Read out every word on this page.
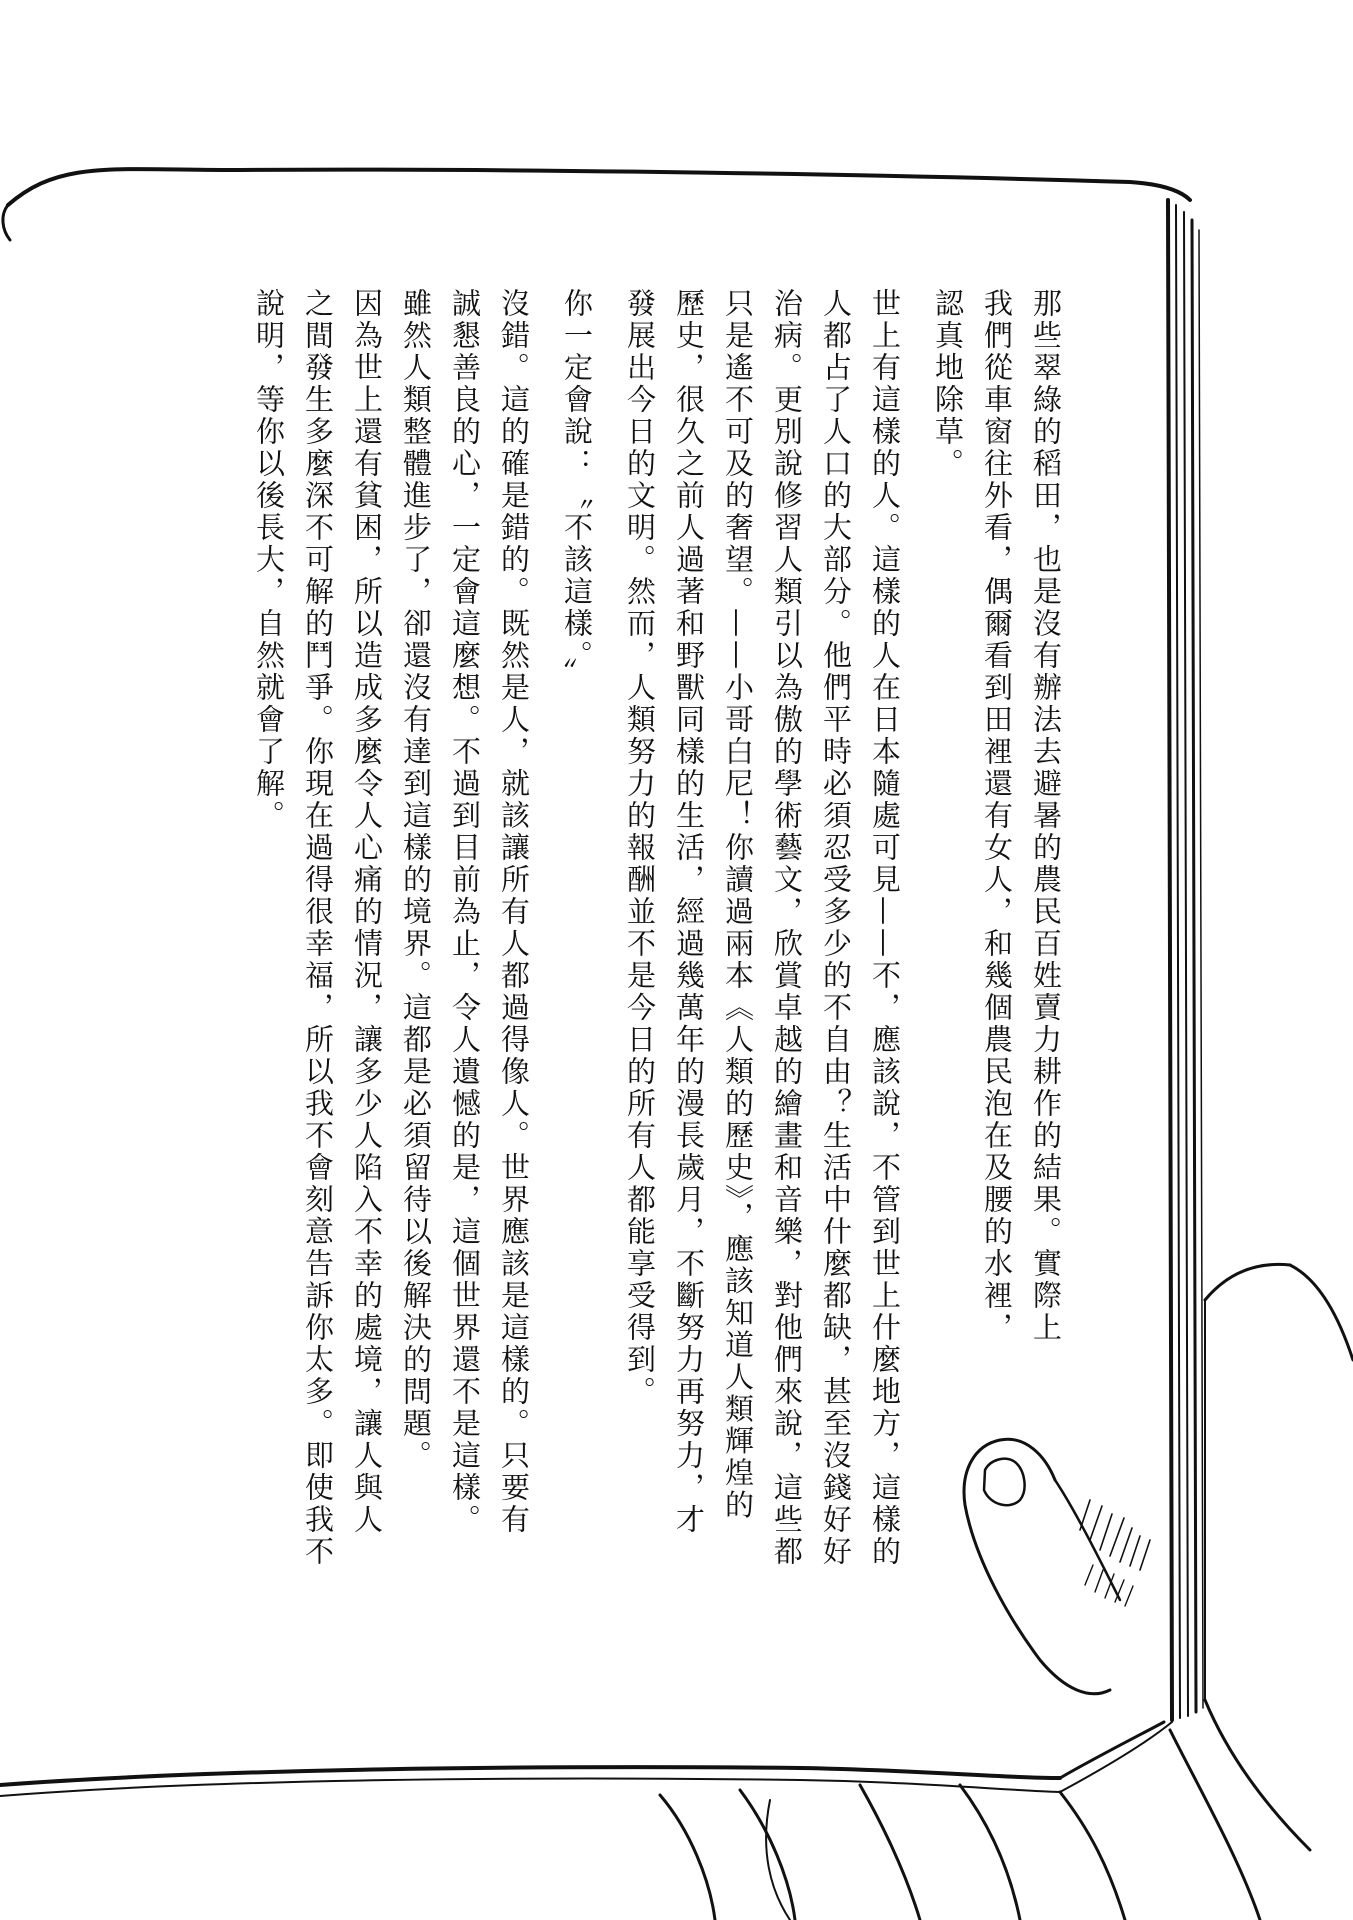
那些翠綠的稻田，也是沒有辦法去避暑的農民百姓賣力耕作的結果。實際上
我們從車窗往外看，偶爾看到田裡還有女人，和幾個農民泡在及腰的水裡，
認真地除草。
世上有這樣的人。這樣的人在日本隨處可見——不，應該說，不管到世上什麼地方，這樣的
人都占了人口的大部分。他們平時必須忍受多少的不自由？生活中什麼都缺，甚至沒錢好好
治病。更別說修習人類引以為傲的學術藝文，欣賞卓越的繪畫和音樂，對他們來說，這些都
只是遙不可及的奢望。——小哥白尼！你讀過兩本《人類的歷史》，應該知道人類輝煌的
歷史，很久之前人過著和野獸同樣的生活，經過幾萬年的漫長歲月，不斷努力再努力，才
發展出今日的文明。然而，人類努力的報酬並不是今日的所有人都能享受得到。
你一定會說：〝不該這樣。〞
沒錯。這的確是錯的。既然是人，就該讓所有人都過得像人。世界應該是這樣的。只要有
誠懇善良的心，一定會這麼想。不過到目前為止，令人遺憾的是，這個世界還不是這樣。
雖然人類整體進步了，卻還沒有達到這樣的境界。這都是必須留待以後解決的問題。
因為世上還有貧困，所以造成多麼令人心痛的情況，讓多少人陷入不幸的處境，讓人與人
之間發生多麼深不可解的鬥爭。你現在過得很幸福，所以我不會刻意告訴你太多。即使我不
說明，等你以後長大，自然就會了解。
